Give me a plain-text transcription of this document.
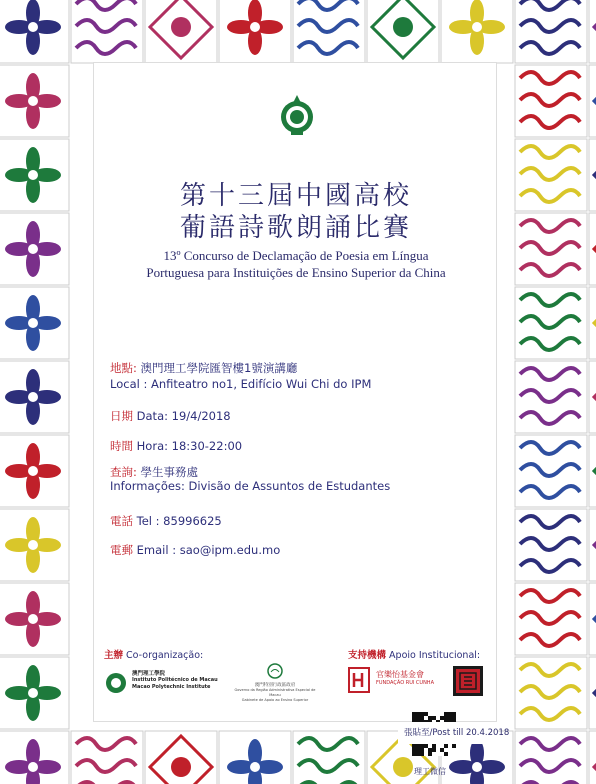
第十三屆中國高校
葡語詩歌朗誦比賽
13º Concurso de Declamação de Poesia em Língua
Portuguesa para Instituições de Ensino Superior da China
地點: 澳門理工學院匯智樓1號演講廳
Local : Anfiteatro no1, Edifício Wui Chi do IPM
日期 Data: 19/4/2018
時間 Hora: 18:30-22:00
查詢: 學生事務處
Informações: Divisão de Assuntos de Estudantes
電話 Tel : 85996625
電郵 Email : sao@ipm.edu.mo
主辦 Co-organização:	支持機構 Apoio Institucional:
澳門理工學院
Instituto Politécnico de Macau
Macao Polytechnic Institute	澳門特別行政區政府
Governo da Região Administrativa Especial de Macau
Gabinete de Apoio ao Ensino Superior
官樂怡基金會
FUNDAÇÃO RUI CUNHA
理工微信
張貼至/Post till 20.4.2018
